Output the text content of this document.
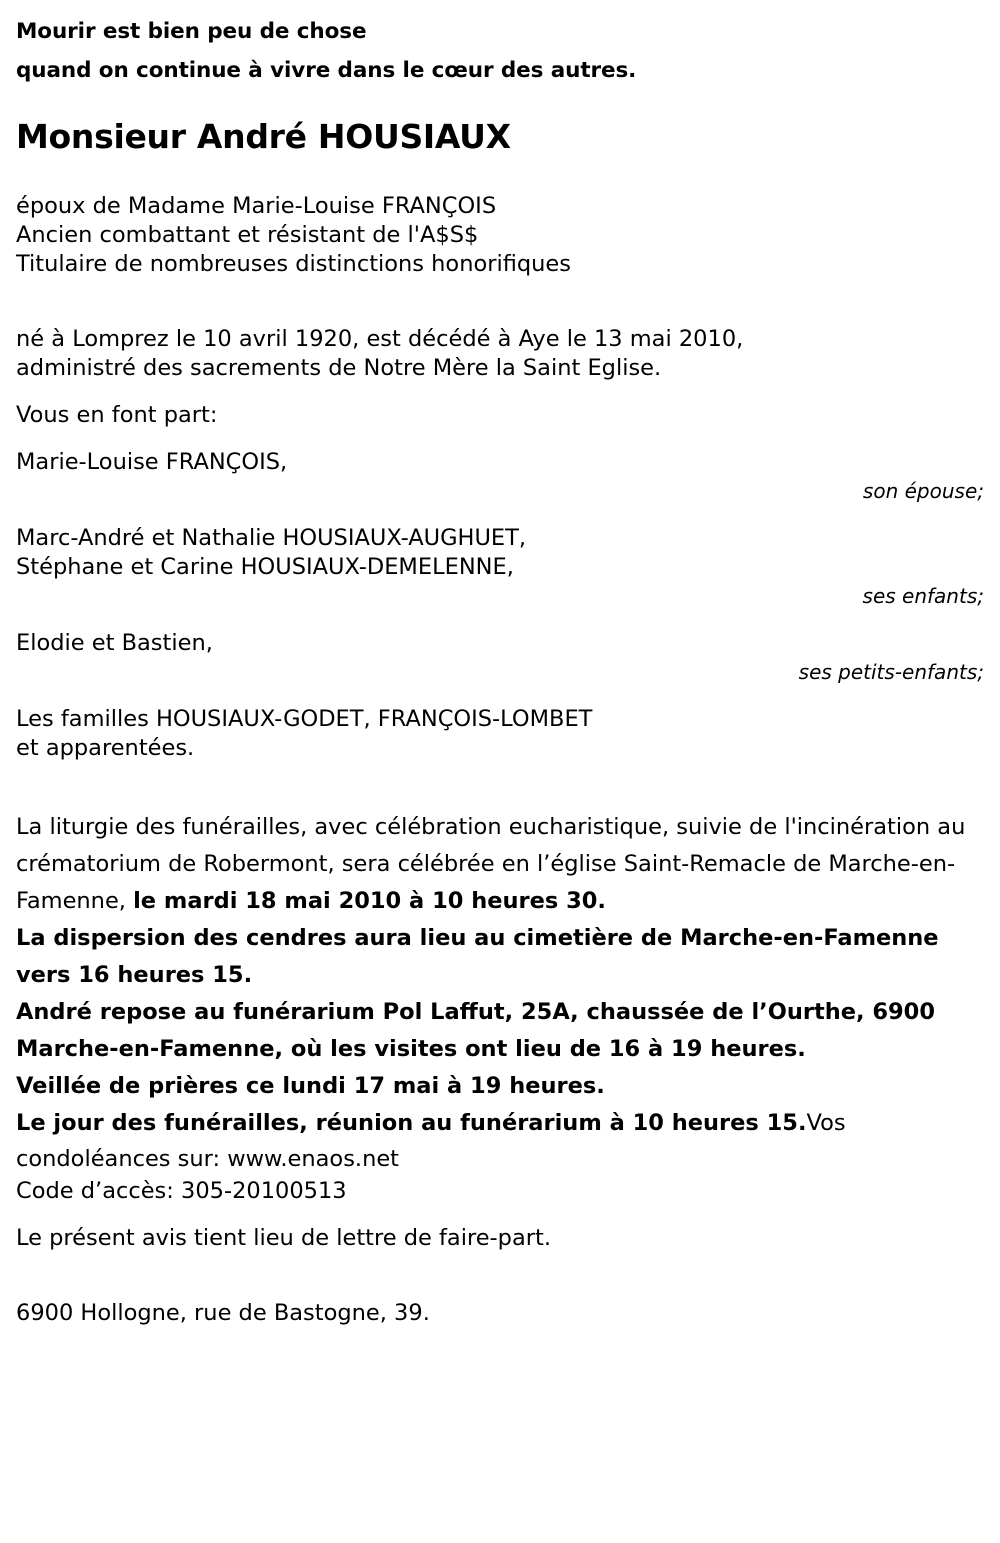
Mourir est bien peu de chose
quand on continue à vivre dans le cœur des autres.
Monsieur André HOUSIAUX
époux de Madame Marie-Louise FRANÇOIS
Ancien combattant et résistant de l'A$S$
Titulaire de nombreuses distinctions honorifiques
né à Lomprez le 10 avril 1920, est décédé à Aye le 13 mai 2010,
administré des sacrements de Notre Mère la Saint Eglise.
Vous en font part:
Marie-Louise FRANÇOIS,
son épouse;
Marc-André et Nathalie HOUSIAUX-AUGHUET,
Stéphane et Carine HOUSIAUX-DEMELENNE,
ses enfants;
Elodie et Bastien,
ses petits-enfants;
Les familles HOUSIAUX-GODET, FRANÇOIS-LOMBET
et apparentées.

La liturgie des funérailles, avec célébration eucharistique, suivie de l'incinération au crématorium de Robermont, sera célébrée en l’église Saint-Remacle de Marche-en-Famenne, le mardi 18 mai 2010 à 10 heures 30.

La dispersion des cendres aura lieu au cimetière de Marche-en-Famenne vers 16 heures 15.

André repose au funérarium Pol Laffut, 25A, chaussée de l’Ourthe, 6900 Marche-en-Famenne, où les visites ont lieu de 16 à 19 heures.

Veillée de prières ce lundi 17 mai à 19 heures.

Le jour des funérailles, réunion au funérarium à 10 heures 15.Vos condoléances sur: www.enaos.net

Code d’accès: 305-20100513
Le présent avis tient lieu de lettre de faire-part.
6900 Hollogne, rue de Bastogne, 39.
